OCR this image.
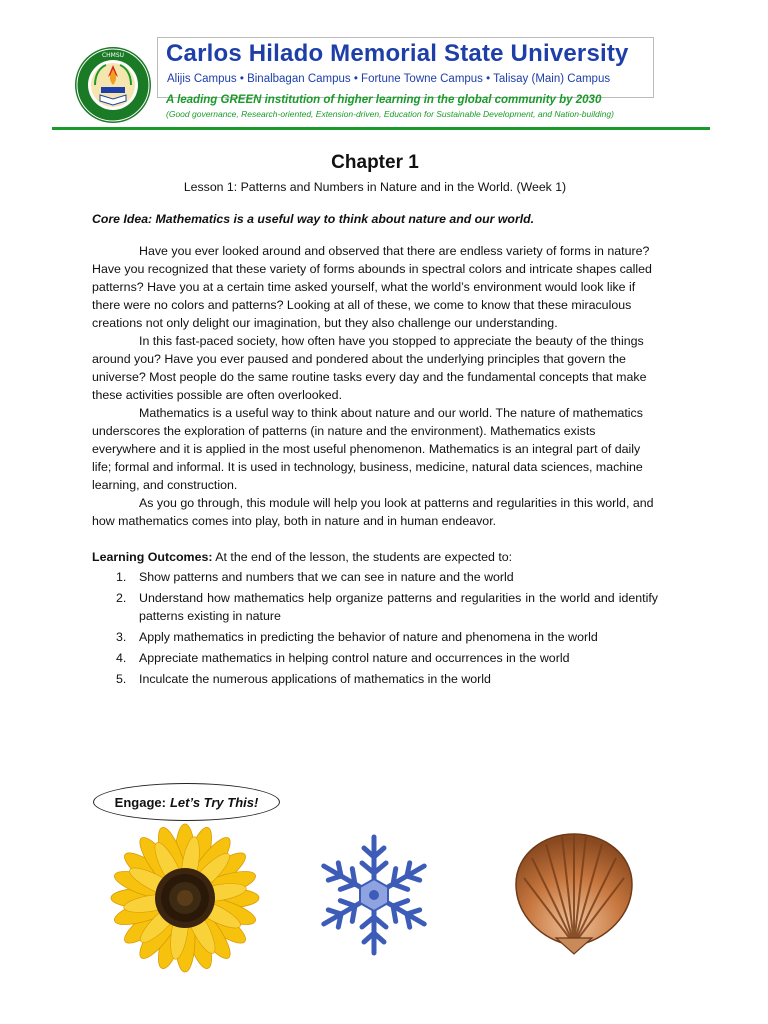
CHMSU Carlos Hilado Memorial State University
Alijis Campus • Binalbagan Campus • Fortune Towne Campus • Talisay (Main) Campus
A leading GREEN institution of higher learning in the global community by 2030
(Good governance, Research-oriented, Extension-driven, Education for Sustainable Development, and Nation-building)
Chapter 1
Lesson 1: Patterns and Numbers in Nature and in the World. (Week 1)
Core Idea: Mathematics is a useful way to think about nature and our world.

Have you ever looked around and observed that there are endless variety of forms in nature? Have you recognized that these variety of forms abounds in spectral colors and intricate shapes called patterns? Have you at a certain time asked yourself, what the world’s environment would look like if there were no colors and patterns? Looking at all of these, we come to know that these miraculous creations not only delight our imagination, but they also challenge our understanding.

In this fast-paced society, how often have you stopped to appreciate the beauty of the things around you? Have you ever paused and pondered about the underlying principles that govern the universe? Most people do the same routine tasks every day and the fundamental concepts that make these activities possible are often overlooked.

Mathematics is a useful way to think about nature and our world. The nature of mathematics underscores the exploration of patterns (in nature and the environment). Mathematics exists everywhere and it is applied in the most useful phenomenon. Mathematics is an integral part of daily life; formal and informal. It is used in technology, business, medicine, natural data sciences, machine learning, and construction.

As you go through, this module will help you look at patterns and regularities in this world, and how mathematics comes into play, both in nature and in human endeavor.

Learning Outcomes: At the end of the lesson, the students are expected to:
1. Show patterns and numbers that we can see in nature and the world
2. Understand how mathematics help organize patterns and regularities in the world and identify patterns existing in nature
3. Apply mathematics in predicting the behavior of nature and phenomena in the world
4. Appreciate mathematics in helping control nature and occurrences in the world
5. Inculcate the numerous applications of mathematics in the world
Engage: Let’s Try This!
